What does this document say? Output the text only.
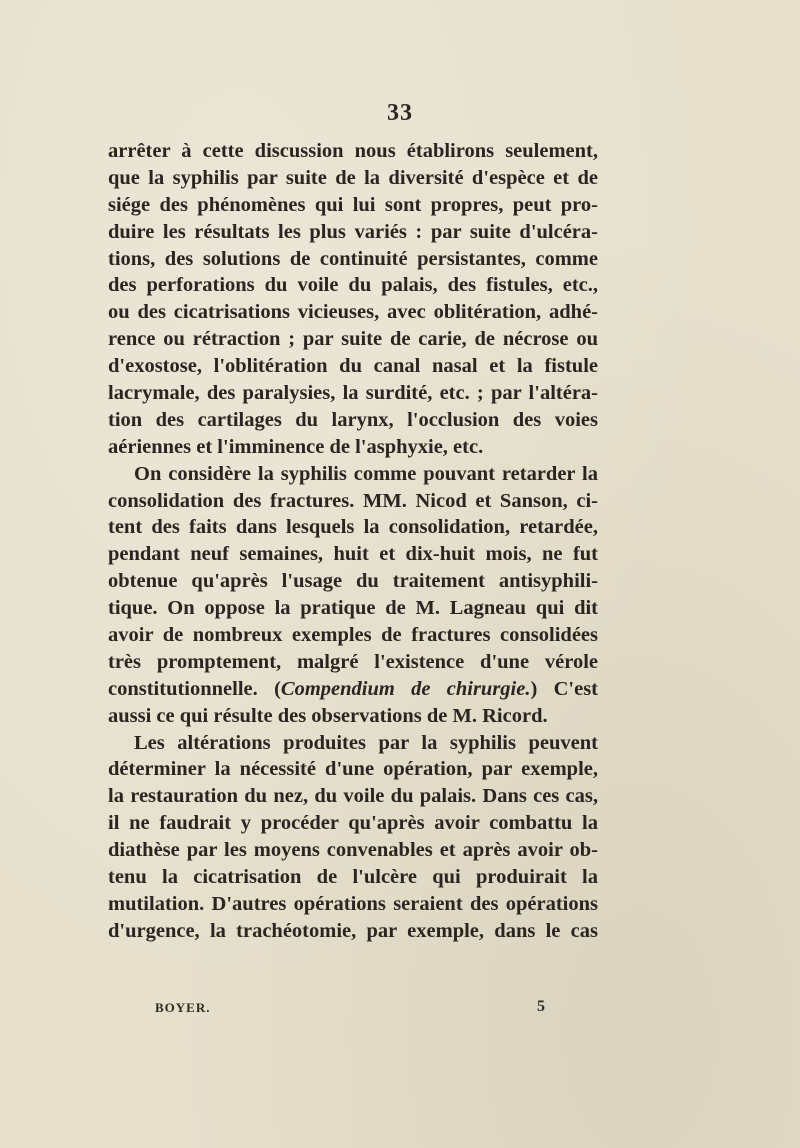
33
arrêter à cette discussion nous établirons seulement,
que la syphilis par suite de la diversité d'espèce et de
siége des phénomènes qui lui sont propres, peut pro-
duire les résultats les plus variés : par suite d'ulcéra-
tions, des solutions de continuité persistantes, comme
des perforations du voile du palais, des fistules, etc.,
ou des cicatrisations vicieuses, avec oblitération, adhé-
rence ou rétraction ; par suite de carie, de nécrose ou
d'exostose, l'oblitération du canal nasal et la fistule
lacrymale, des paralysies, la surdité, etc. ; par l'altéra-
tion des cartilages du larynx, l'occlusion des voies
aériennes et l'imminence de l'asphyxie, etc.
On considère la syphilis comme pouvant retarder la
consolidation des fractures. MM. Nicod et Sanson, ci-
tent des faits dans lesquels la consolidation, retardée,
pendant neuf semaines, huit et dix-huit mois, ne fut
obtenue qu'après l'usage du traitement antisyphili-
tique. On oppose la pratique de M. Lagneau qui dit
avoir de nombreux exemples de fractures consolidées
très promptement, malgré l'existence d'une vérole
constitutionnelle. (Compendium de chirurgie.) C'est
aussi ce qui résulte des observations de M. Ricord.
Les altérations produites par la syphilis peuvent
déterminer la nécessité d'une opération, par exemple,
la restauration du nez, du voile du palais. Dans ces cas,
il ne faudrait y procéder qu'après avoir combattu la
diathèse par les moyens convenables et après avoir ob-
tenu la cicatrisation de l'ulcère qui produirait la
mutilation. D'autres opérations seraient des opérations
d'urgence, la trachéotomie, par exemple, dans le cas
BOYER.	5
